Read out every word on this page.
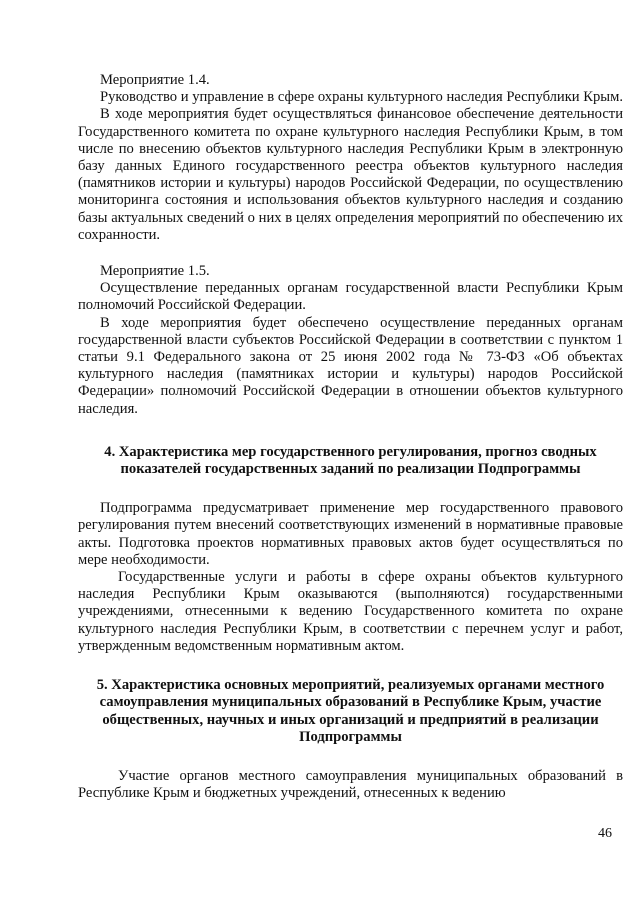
Мероприятие 1.4.

Руководство и управление в сфере охраны культурного наследия Республики Крым.

В ходе мероприятия будет осуществляться финансовое обеспечение деятельности Государственного комитета по охране культурного наследия Республики Крым, в том числе по внесению объектов культурного наследия Республики Крым в электронную базу данных Единого государственного реестра объектов культурного наследия (памятников истории и культуры) народов Российской Федерации, по осуществлению мониторинга состояния и использования объектов культурного наследия и созданию базы актуальных сведений о них в целях определения мероприятий по обеспечению их сохранности.

Мероприятие 1.5.

Осуществление переданных органам государственной власти Республики Крым полномочий Российской Федерации.

В ходе мероприятия будет обеспечено осуществление переданных органам государственной власти субъектов Российской Федерации в соответствии с пунктом 1 статьи 9.1 Федерального закона от 25 июня 2002 года № 73-ФЗ «Об объектах культурного наследия (памятниках истории и культуры) народов Российской Федерации» полномочий Российской Федерации в отношении объектов культурного наследия.

4. Характеристика мер государственного регулирования, прогноз сводных показателей государственных заданий по реализации Подпрограммы

Подпрограмма предусматривает применение мер государственного правового регулирования путем внесений соответствующих изменений в нормативные правовые акты. Подготовка проектов нормативных правовых актов будет осуществляться по мере необходимости.

Государственные услуги и работы в сфере охраны объектов культурного наследия Республики Крым оказываются (выполняются) государственными учреждениями, отнесенными к ведению Государственного комитета по охране культурного наследия Республики Крым, в соответствии с перечнем услуг и работ, утвержденным ведомственным нормативным актом.

5. Характеристика основных мероприятий, реализуемых органами местного самоуправления муниципальных образований в Республике Крым, участие общественных, научных и иных организаций и предприятий в реализации Подпрограммы

Участие органов местного самоуправления муниципальных образований в Республике Крым и бюджетных учреждений, отнесенных к ведению

46
